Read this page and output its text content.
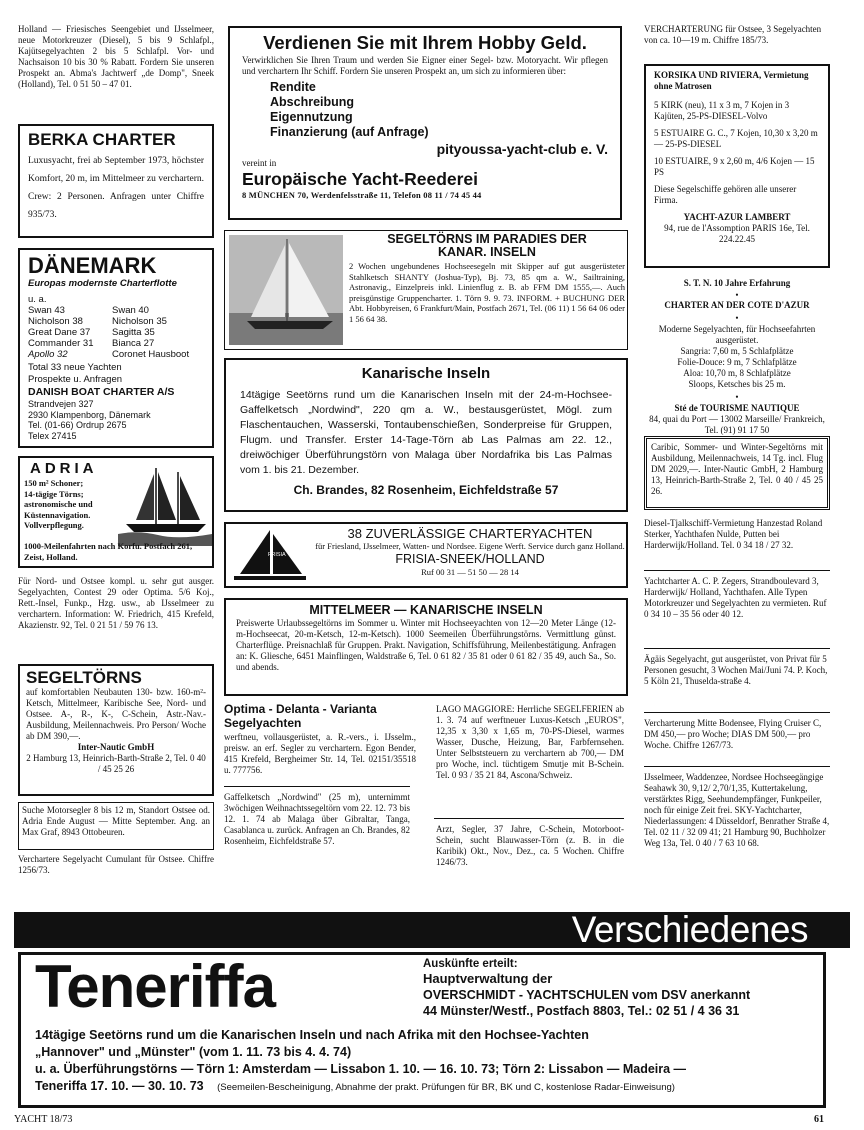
Holland — Friesisches Seengebiet und IJsselmeer, neue Motorkreuzer (Diesel), 5 bis 9 Schlafpl., Kajütsegelyachten 2 bis 5 Schlafpl. Vor- und Nachsaison 10 bis 30 % Rabatt. Fordern Sie unseren Prospekt an. Abma's Jachtwerf „de Domp", Sneek (Holland), Tel. 0 51 50 – 47 01.
BERKA CHARTER
Luxusyacht, frei ab September 1973, höchster Komfort, 20 m, im Mittelmeer zu verchartern. Crew: 2 Personen. Anfragen unter Chiffre 935/73.
DÄNEMARK
Europas modernste Charterflotte
u. a.
Swan 43
Nicholson 38
Great Dane 37
Commander 31
Apollo 32
Swan 40
Nicholson 35
Sagitta 35
Bianca 27
Coronet Hausboot
Total 33 neue Yachten
Prospekte u. Anfragen
DANISH BOAT CHARTER A/S
Strandvejen 327
2930 Klampenborg, Dänemark
Tel. (01-66) Ordrup 2675
Telex 27415
ADRIA
150 m² Schoner; 14-tägige Törns; astronomische und Küstennavigation. Vollverpflegung.
1000-Meilenfahrten nach Korfu. Postfach 261, Zeist, Holland.
Für Nord- und Ostsee kompl. u. sehr gut ausger. Segelyachten, Contest 29 oder Optima. 5/6 Koj., Rett.-Insel, Funkp., Hzg. usw., ab IJsselmeer zu verchartern. Information: W. Friedrich, 415 Krefeld, Akazienstr. 92, Tel. 0 21 51 / 59 76 13.
SEGELTÖRNS
auf komfortablen Neubauten 130- bzw. 160-m²-Ketsch, Mittelmeer, Karibische See, Nord- und Ostsee. A-, R-, K-, C-Schein, Astr.-Nav.-Ausbildung, Meilennachweis. Pro Person/ Woche ab DM 390,—.
Inter-Nautic GmbH
2 Hamburg 13, Heinrich-Barth-Straße 2, Tel. 0 40 / 45 25 26
Suche Motorsegler 8 bis 12 m, Standort Ostsee od. Adria Ende August — Mitte September. Ang. an Max Graf, 8943 Ottobeuren.
Verchartere Segelyacht Cumulant für Ostsee. Chiffre 1256/73.
Verdienen Sie mit Ihrem Hobby Geld.
Verwirklichen Sie Ihren Traum und werden Sie Eigner einer Segel- bzw. Motoryacht. Wir pflegen und verchartern Ihr Schiff. Fordern Sie unseren Prospekt an, um sich zu informieren über:
Rendite
Abschreibung
Eigennutzung
Finanzierung (auf Anfrage)
pityoussa-yacht-club e. V.
vereint in
Europäische Yacht-Reederei
8 MÜNCHEN 70, Werdenfelsstraße 11, Telefon 08 11 / 74 45 44
SEGELTÖRNS IM PARADIES DER
KANAR. INSELN
2 Wochen ungebundenes Hochseesegeln mit Skipper auf gut ausgerüsteter Stahlketsch SHANTY (Joshua-Typ), Bj. 73, 85 qm a. W., Sailtraining, Astronavig., Einzelpreis inkl. Linienflug z. B. ab FFM DM 1555,—. Auch preisgünstige Gruppencharter. 1. Törn 9. 9. 73. INFORM. + BUCHUNG DER Abt. Hobbyreisen, 6 Frankfurt/Main, Postfach 2671, Tel. (06 11) 1 56 64 06 oder 1 56 64 38.
Kanarische Inseln
14tägige Seetörns rund um die Kanarischen Inseln mit der 24-m-Hochsee-Gaffelketsch „Nordwind", 220 qm a. W., bestausgerüstet, Mögl. zum Flaschentauchen, Wasserski, Tontaubenschießen, Sonderpreise für Gruppen, Flugm. und Transfer. Erster 14-Tage-Törn ab Las Palmas am 22. 12., dreiwöchiger Überführungstörn von Malaga über Nordafrika bis Las Palmas vom 1. bis 21. Dezember.
Ch. Brandes, 82 Rosenheim, Eichfeldstraße 57
FRISIA
38 ZUVERLÄSSIGE CHARTERYACHTEN
für Friesland, IJsselmeer, Watten- und Nordsee. Eigene Werft. Service durch ganz Holland.
FRISIA-SNEEK/HOLLAND
Ruf 00 31 — 51 50 — 28 14
MITTELMEER — KANARISCHE INSELN
Preiswerte Urlaubssegeltörns im Sommer u. Winter mit Hochseeyachten von 12—20 Meter Länge (12-m-Hochseecat, 20-m-Ketsch, 12-m-Ketsch). 1000 Seemeilen Überführungstörns. Vermittlung günst. Charterflüge. Preisnachlaß für Gruppen. Prakt. Navigation, Schiffsführung, Meilenbestätigung. Anfragen an: K. Gliesche, 6451 Mainflingen, Waldstraße 6, Tel. 0 61 82 / 35 81 oder 0 61 82 / 35 49, auch Sa., So. und abends.
Optima - Delanta - Varianta Segelyachten
werftneu, vollausgerüstet, a. R.-vers., i. IJsselm., preisw. an erf. Segler zu verchartern. Egon Bender, 415 Krefeld, Bergheimer Str. 14, Tel. 02151/35518 u. 777756.
Gaffelketsch „Nordwind" (25 m), unternimmt 3wöchigen Weihnachtssegeltörn vom 22. 12. 73 bis 12. 1. 74 ab Malaga über Gibraltar, Tanga, Casablanca u. zurück. Anfragen an Ch. Brandes, 82 Rosenheim, Eichfeldstraße 57.
LAGO MAGGIORE: Herrliche SEGELFERIEN ab 1. 3. 74 auf werftneuer Luxus-Ketsch „EUROS", 12,35 x 3,30 x 1,65 m, 70-PS-Diesel, warmes Wasser, Dusche, Heizung, Bar, Farbfernsehen. Unter Selbststeuern zu verchartern ab 700,— DM pro Woche, incl. tüchtigem Smutje mit B-Schein. Tel. 0 93 / 35 21 84, Ascona/Schweiz.
Arzt, Segler, 37 Jahre, C-Schein, Motorboot-Schein, sucht Blauwasser-Törn (z. B. in die Karibik) Okt., Nov., Dez., ca. 5 Wochen. Chiffre 1246/73.
VERCHARTERUNG für Ostsee, 3 Segelyachten von ca. 10—19 m. Chiffre 185/73.
KORSIKA UND RIVIERA, Vermietung ohne Matrosen
5 KIRK (neu), 11 x 3 m, 7 Kojen in 3 Kajüten, 25-PS-DIESEL-Volvo
5 ESTUAIRE G. C., 7 Kojen, 10,30 x 3,20 m — 25-PS-DIESEL
10 ESTUAIRE, 9 x 2,60 m, 4/6 Kojen — 15 PS
Diese Segelschiffe gehören alle unserer Firma.
YACHT-AZUR LAMBERT
94, rue de l'Assomption PARIS 16e, Tel. 224.22.45
S. T. N. 10 Jahre Erfahrung
•
CHARTER AN DER COTE D'AZUR
•
Moderne Segelyachten, für Hochseefahrten ausgerüstet.
Sangria: 7,60 m, 5 Schlafplätze
Folie-Douce: 9 m, 7 Schlafplätze
Aloa: 10,70 m, 8 Schlafplätze
Sloops, Ketsches bis 25 m.
•
Sté de TOURISME NAUTIQUE
84, quai du Port — 13002 Marseille/ Frankreich, Tel. (91) 91 17 50
Caribic, Sommer- und Winter-Segeltörns mit Ausbildung, Meilennachweis, 14 Tg. incl. Flug DM 2029,—. Inter-Nautic GmbH, 2 Hamburg 13, Heinrich-Barth-Straße 2, Tel. 0 40 / 45 25 26.
Diesel-Tjalkschiff-Vermietung Hanzestad Roland Sterker, Yachthafen Nulde, Putten bei Harderwijk/Holland. Tel. 0 34 18 / 27 32.
Yachtcharter A. C. P. Zegers, Strandboulevard 3, Harderwijk/ Holland, Yachthafen. Alle Typen Motorkreuzer und Segelyachten zu vermieten. Ruf 0 34 10 – 35 56 oder 40 12.
Ägäis Segelyacht, gut ausgerüstet, von Privat für 5 Personen gesucht, 3 Wochen Mai/Juni 74. P. Koch, 5 Köln 21, Thuselda-straße 4.
Vercharterung Mitte Bodensee, Flying Cruiser C, DM 450,— pro Woche; DIAS DM 500,— pro Woche. Chiffre 1267/73.
IJsselmeer, Waddenzee, Nordsee Hochseegängige Seahawk 30, 9,12/ 2,70/1,35, Kuttertakelung, verstärktes Rigg, Seehundempfänger, Funkpeiler, noch für einige Zeit frei. SKY-Yachtcharter, Niederlassungen: 4 Düsseldorf, Benrather Straße 4, Tel. 02 11 / 32 09 41; 21 Hamburg 90, Buchholzer Weg 13a, Tel. 0 40 / 7 63 10 68.
Verschiedenes
Teneriffa	Auskünfte erteilt:
Hauptverwaltung der
OVERSCHMIDT - YACHTSCHULEN vom DSV anerkannt
44 Münster/Westf., Postfach 8803, Tel.: 02 51 / 4 36 31
14tägige Seetörns rund um die Kanarischen Inseln und nach Afrika mit den Hochsee-Yachten
„Hannover" und „Münster" (vom 1. 11. 73 bis 4. 4. 74)
u. a. Überführungstörns — Törn 1: Amsterdam — Lissabon 1. 10. — 16. 10. 73; Törn 2: Lissabon — Madeira —
Teneriffa 17. 10. — 30. 10. 73 (Seemeilen-Bescheinigung, Abnahme der prakt. Prüfungen für BR, BK und C, kostenlose Radar-Einweisung)
YACHT 18/73	61
